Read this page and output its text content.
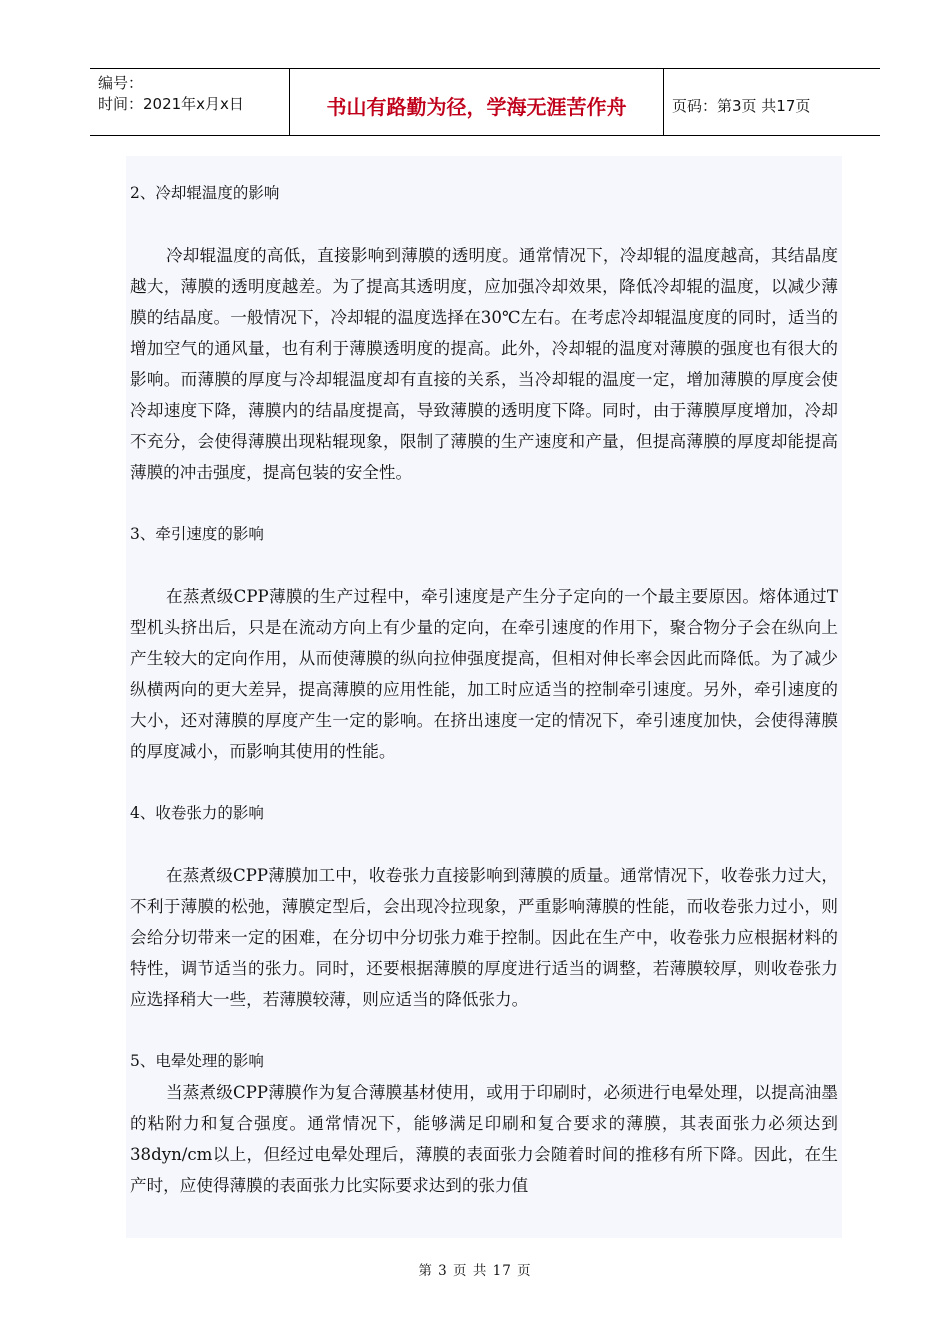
编号：
时间：2021年x月x日	书山有路勤为径，学海无涯苦作舟	页码：第3页 共17页

2、冷却辊温度的影响

冷却辊温度的高低，直接影响到薄膜的透明度。通常情况下，冷却辊的温度越高，其结晶度越大，薄膜的透明度越差。为了提高其透明度，应加强冷却效果，降低冷却辊的温度，以减少薄膜的结晶度。一般情况下，冷却辊的温度选择在30℃左右。在考虑冷却辊温度度的同时，适当的增加空气的通风量，也有利于薄膜透明度的提高。此外，冷却辊的温度对薄膜的强度也有很大的影响。而薄膜的厚度与冷却辊温度却有直接的关系，当冷却辊的温度一定，增加薄膜的厚度会使冷却速度下降，薄膜内的结晶度提高，导致薄膜的透明度下降。同时，由于薄膜厚度增加，冷却不充分，会使得薄膜出现粘辊现象，限制了薄膜的生产速度和产量，但提高薄膜的厚度却能提高薄膜的冲击强度，提高包装的安全性。

3、牵引速度的影响

在蒸煮级CPP薄膜的生产过程中，牵引速度是产生分子定向的一个最主要原因。熔体通过T型机头挤出后，只是在流动方向上有少量的定向，在牵引速度的作用下，聚合物分子会在纵向上产生较大的定向作用，从而使薄膜的纵向拉伸强度提高，但相对伸长率会因此而降低。为了减少纵横两向的更大差异，提高薄膜的应用性能，加工时应适当的控制牵引速度。另外，牵引速度的大小，还对薄膜的厚度产生一定的影响。在挤出速度一定的情况下，牵引速度加快，会使得薄膜的厚度减小，而影响其使用的性能。

4、收卷张力的影响

在蒸煮级CPP薄膜加工中，收卷张力直接影响到薄膜的质量。通常情况下，收卷张力过大，不利于薄膜的松弛，薄膜定型后，会出现冷拉现象，严重影响薄膜的性能，而收卷张力过小，则会给分切带来一定的困难，在分切中分切张力难于控制。因此在生产中，收卷张力应根据材料的特性，调节适当的张力。同时，还要根据薄膜的厚度进行适当的调整，若薄膜较厚，则收卷张力应选择稍大一些，若薄膜较薄，则应适当的降低张力。

5、电晕处理的影响

当蒸煮级CPP薄膜作为复合薄膜基材使用，或用于印刷时，必须进行电晕处理，以提高油墨的粘附力和复合强度。通常情况下，能够满足印刷和复合要求的薄膜，其表面张力必须达到38dyn/cm以上，但经过电晕处理后，薄膜的表面张力会随着时间的推移有所下降。因此，在生产时，应使得薄膜的表面张力比实际要求达到的张力值

第 3 页 共 17 页
